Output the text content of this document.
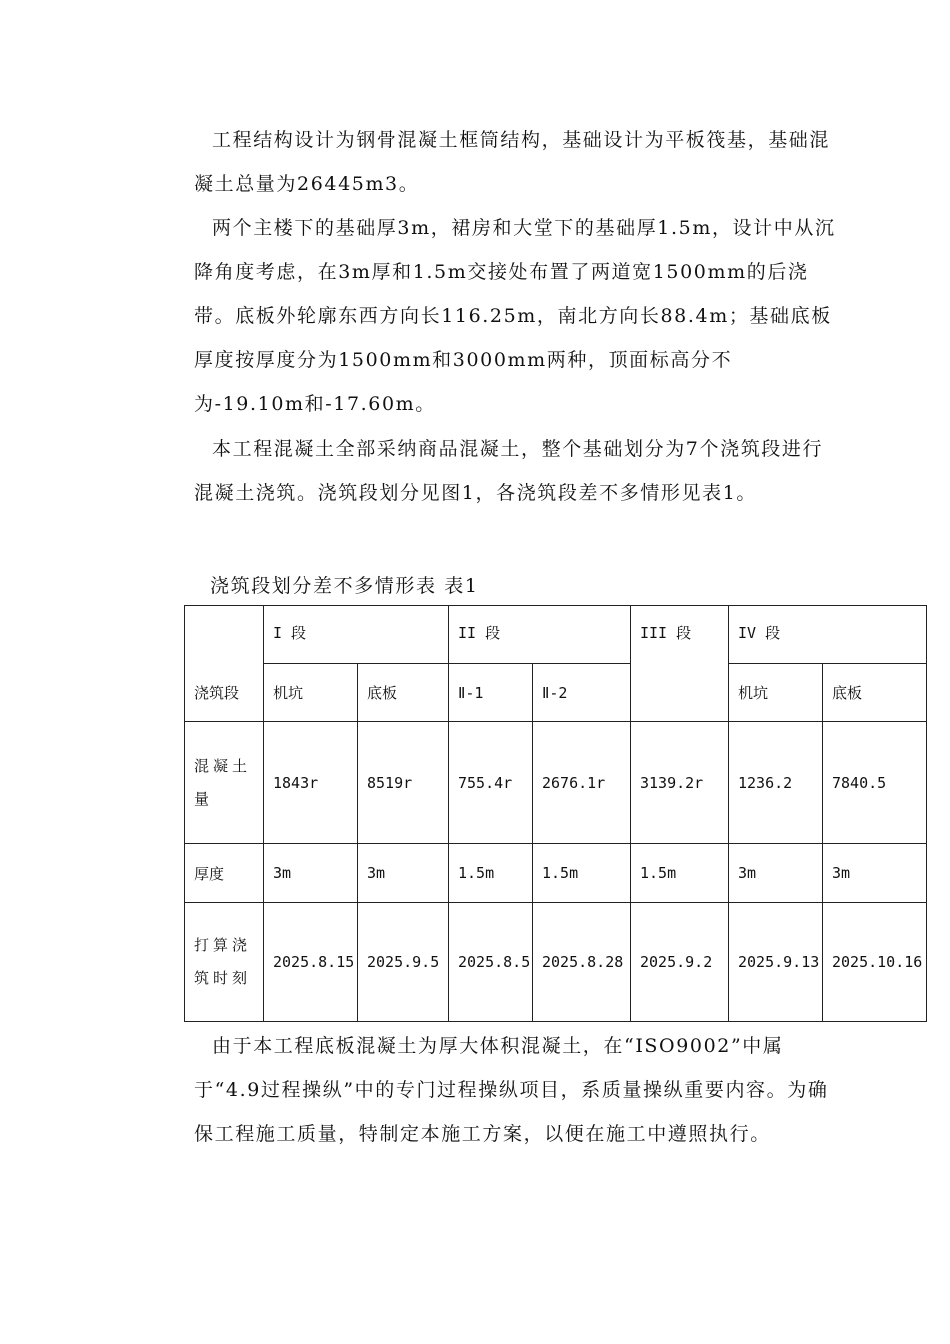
工程结构设计为钢骨混凝土框筒结构，基础设计为平板筏基，基础混凝土总量为26445m3。

两个主楼下的基础厚3m，裙房和大堂下的基础厚1.5m，设计中从沉降角度考虑，在3m厚和1.5m交接处布置了两道宽1500mm的后浇带。底板外轮廓东西方向长116.25m，南北方向长88.4m；基础底板厚度按厚度分为1500mm和3000mm两种，顶面标高分不为-19.10m和-17.60m。

本工程混凝土全部采纳商品混凝土，整个基础划分为7个浇筑段进行混凝土浇筑。浇筑段划分见图1，各浇筑段差不多情形见表1。

浇筑段划分差不多情形表 表1

浇筑段	I 段		II 段		III 段	IV 段	
	机坑	底板	Ⅱ-1	Ⅱ-2		机坑	底板
混凝土量	1843r	8519r	755.4r	2676.1r	3139.2r	1236.2	7840.5
厚度	3m	3m	1.5m	1.5m	1.5m	3m	3m
打算浇筑时刻	2025.8.15	2025.9.5	2025.8.5	2025.8.28	2025.9.2	2025.9.13	2025.10.16

由于本工程底板混凝土为厚大体积混凝土，在“ISO9002”中属于“4.9过程操纵”中的专门过程操纵项目，系质量操纵重要内容。为确保工程施工质量，特制定本施工方案，以便在施工中遵照执行。
